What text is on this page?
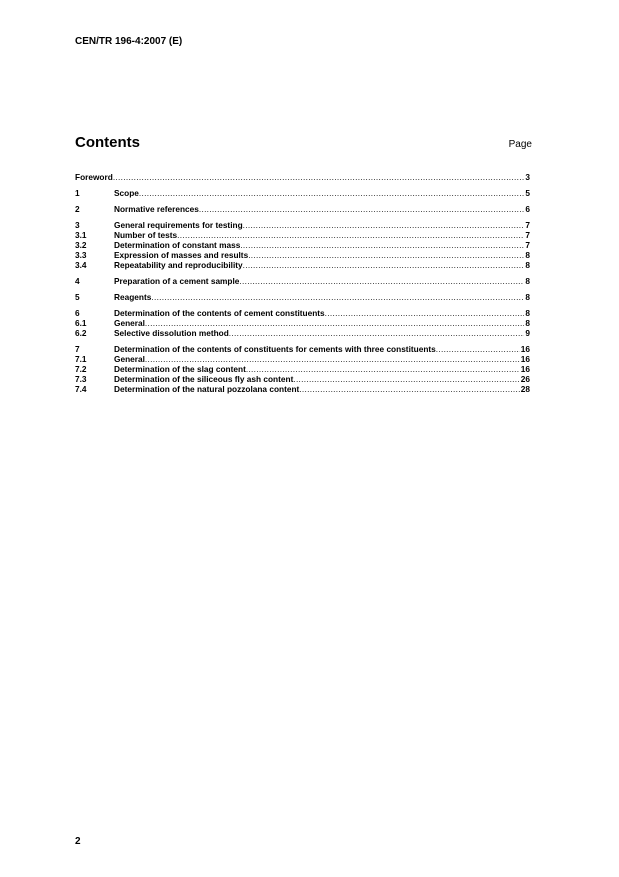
CEN/TR 196-4:2007 (E)
Contents	Page
Foreword .....	3
1	Scope .....	5
2	Normative references .....	6
3	General requirements for testing .....	7
3.1	Number of tests .....	7
3.2	Determination of constant mass .....	7
3.3	Expression of masses and results .....	8
3.4	Repeatability and reproducibility .....	8
4	Preparation of a cement sample .....	8
5	Reagents .....	8
6	Determination of the contents of cement constituents .....	8
6.1	General .....	8
6.2	Selective dissolution method .....	9
7	Determination of the contents of constituents for cements with three constituents .....	16
7.1	General .....	16
7.2	Determination of the slag content .....	16
7.3	Determination of the siliceous fly ash content .....	26
7.4	Determination of the natural pozzolana content .....	28
2
